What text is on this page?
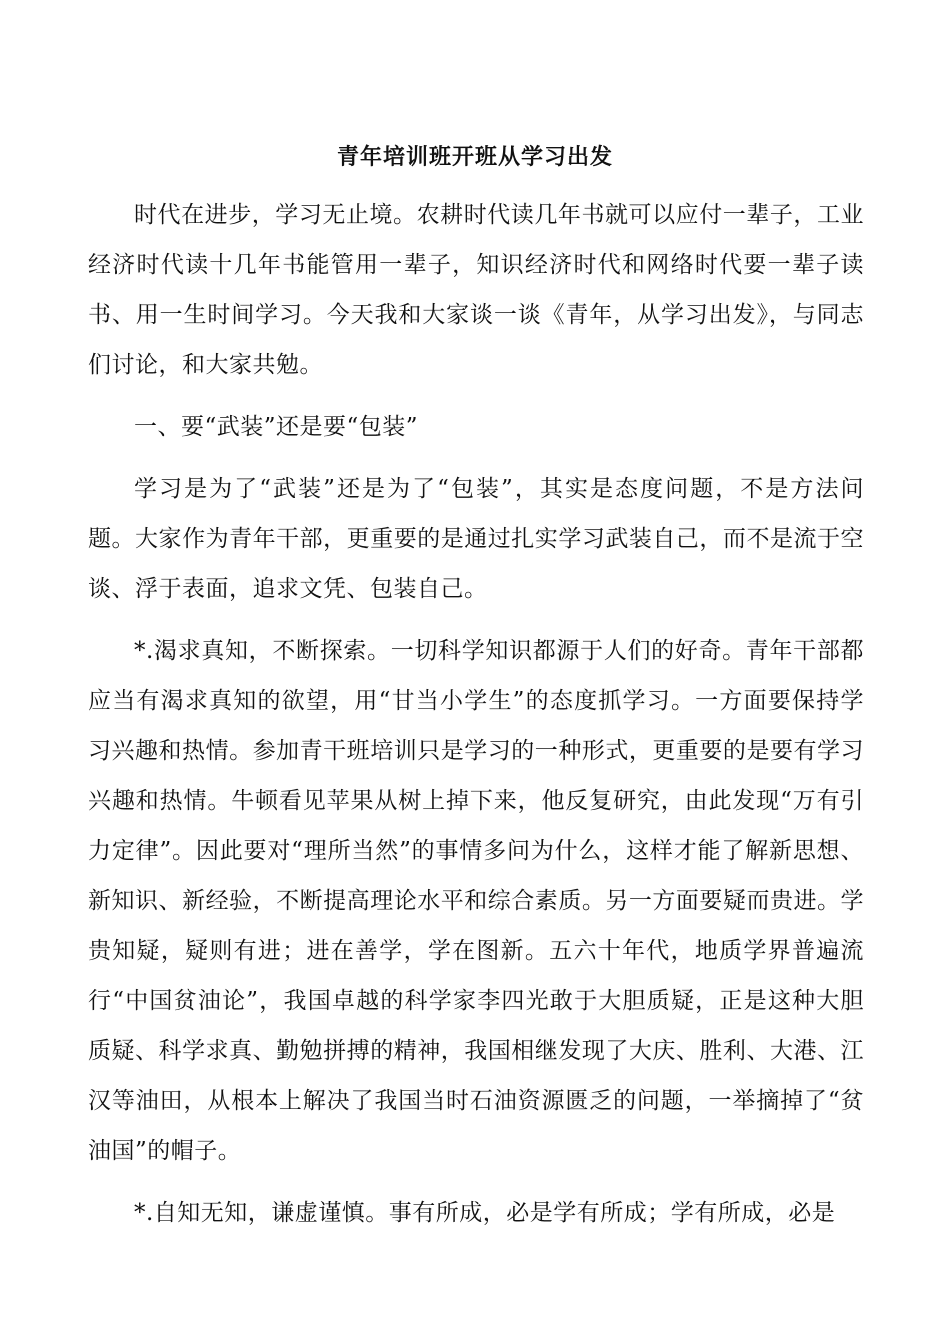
青年培训班开班从学习出发

时代在进步，学习无止境。农耕时代读几年书就可以应付一辈子，工业经济时代读十几年书能管用一辈子，知识经济时代和网络时代要一辈子读书、用一生时间学习。今天我和大家谈一谈《青年，从学习出发》，与同志们讨论，和大家共勉。

一、要“武装”还是要“包装”

学习是为了“武装”还是为了“包装”，其实是态度问题，不是方法问题。大家作为青年干部，更重要的是通过扎实学习武装自己，而不是流于空谈、浮于表面，追求文凭、包装自己。

*.渴求真知，不断探索。一切科学知识都源于人们的好奇。青年干部都应当有渴求真知的欲望，用“甘当小学生”的态度抓学习。一方面要保持学习兴趣和热情。参加青干班培训只是学习的一种形式，更重要的是要有学习兴趣和热情。牛顿看见苹果从树上掉下来，他反复研究，由此发现“万有引力定律”。因此要对“理所当然”的事情多问为什么，这样才能了解新思想、新知识、新经验，不断提高理论水平和综合素质。另一方面要疑而贵进。学贵知疑，疑则有进；进在善学，学在图新。五六十年代，地质学界普遍流行“中国贫油论”，我国卓越的科学家李四光敢于大胆质疑，正是这种大胆质疑、科学求真、勤勉拼搏的精神，我国相继发现了大庆、胜利、大港、江汉等油田，从根本上解决了我国当时石油资源匮乏的问题，一举摘掉了“贫油国”的帽子。

*.自知无知，谦虚谨慎。事有所成，必是学有所成；学有所成，必是
